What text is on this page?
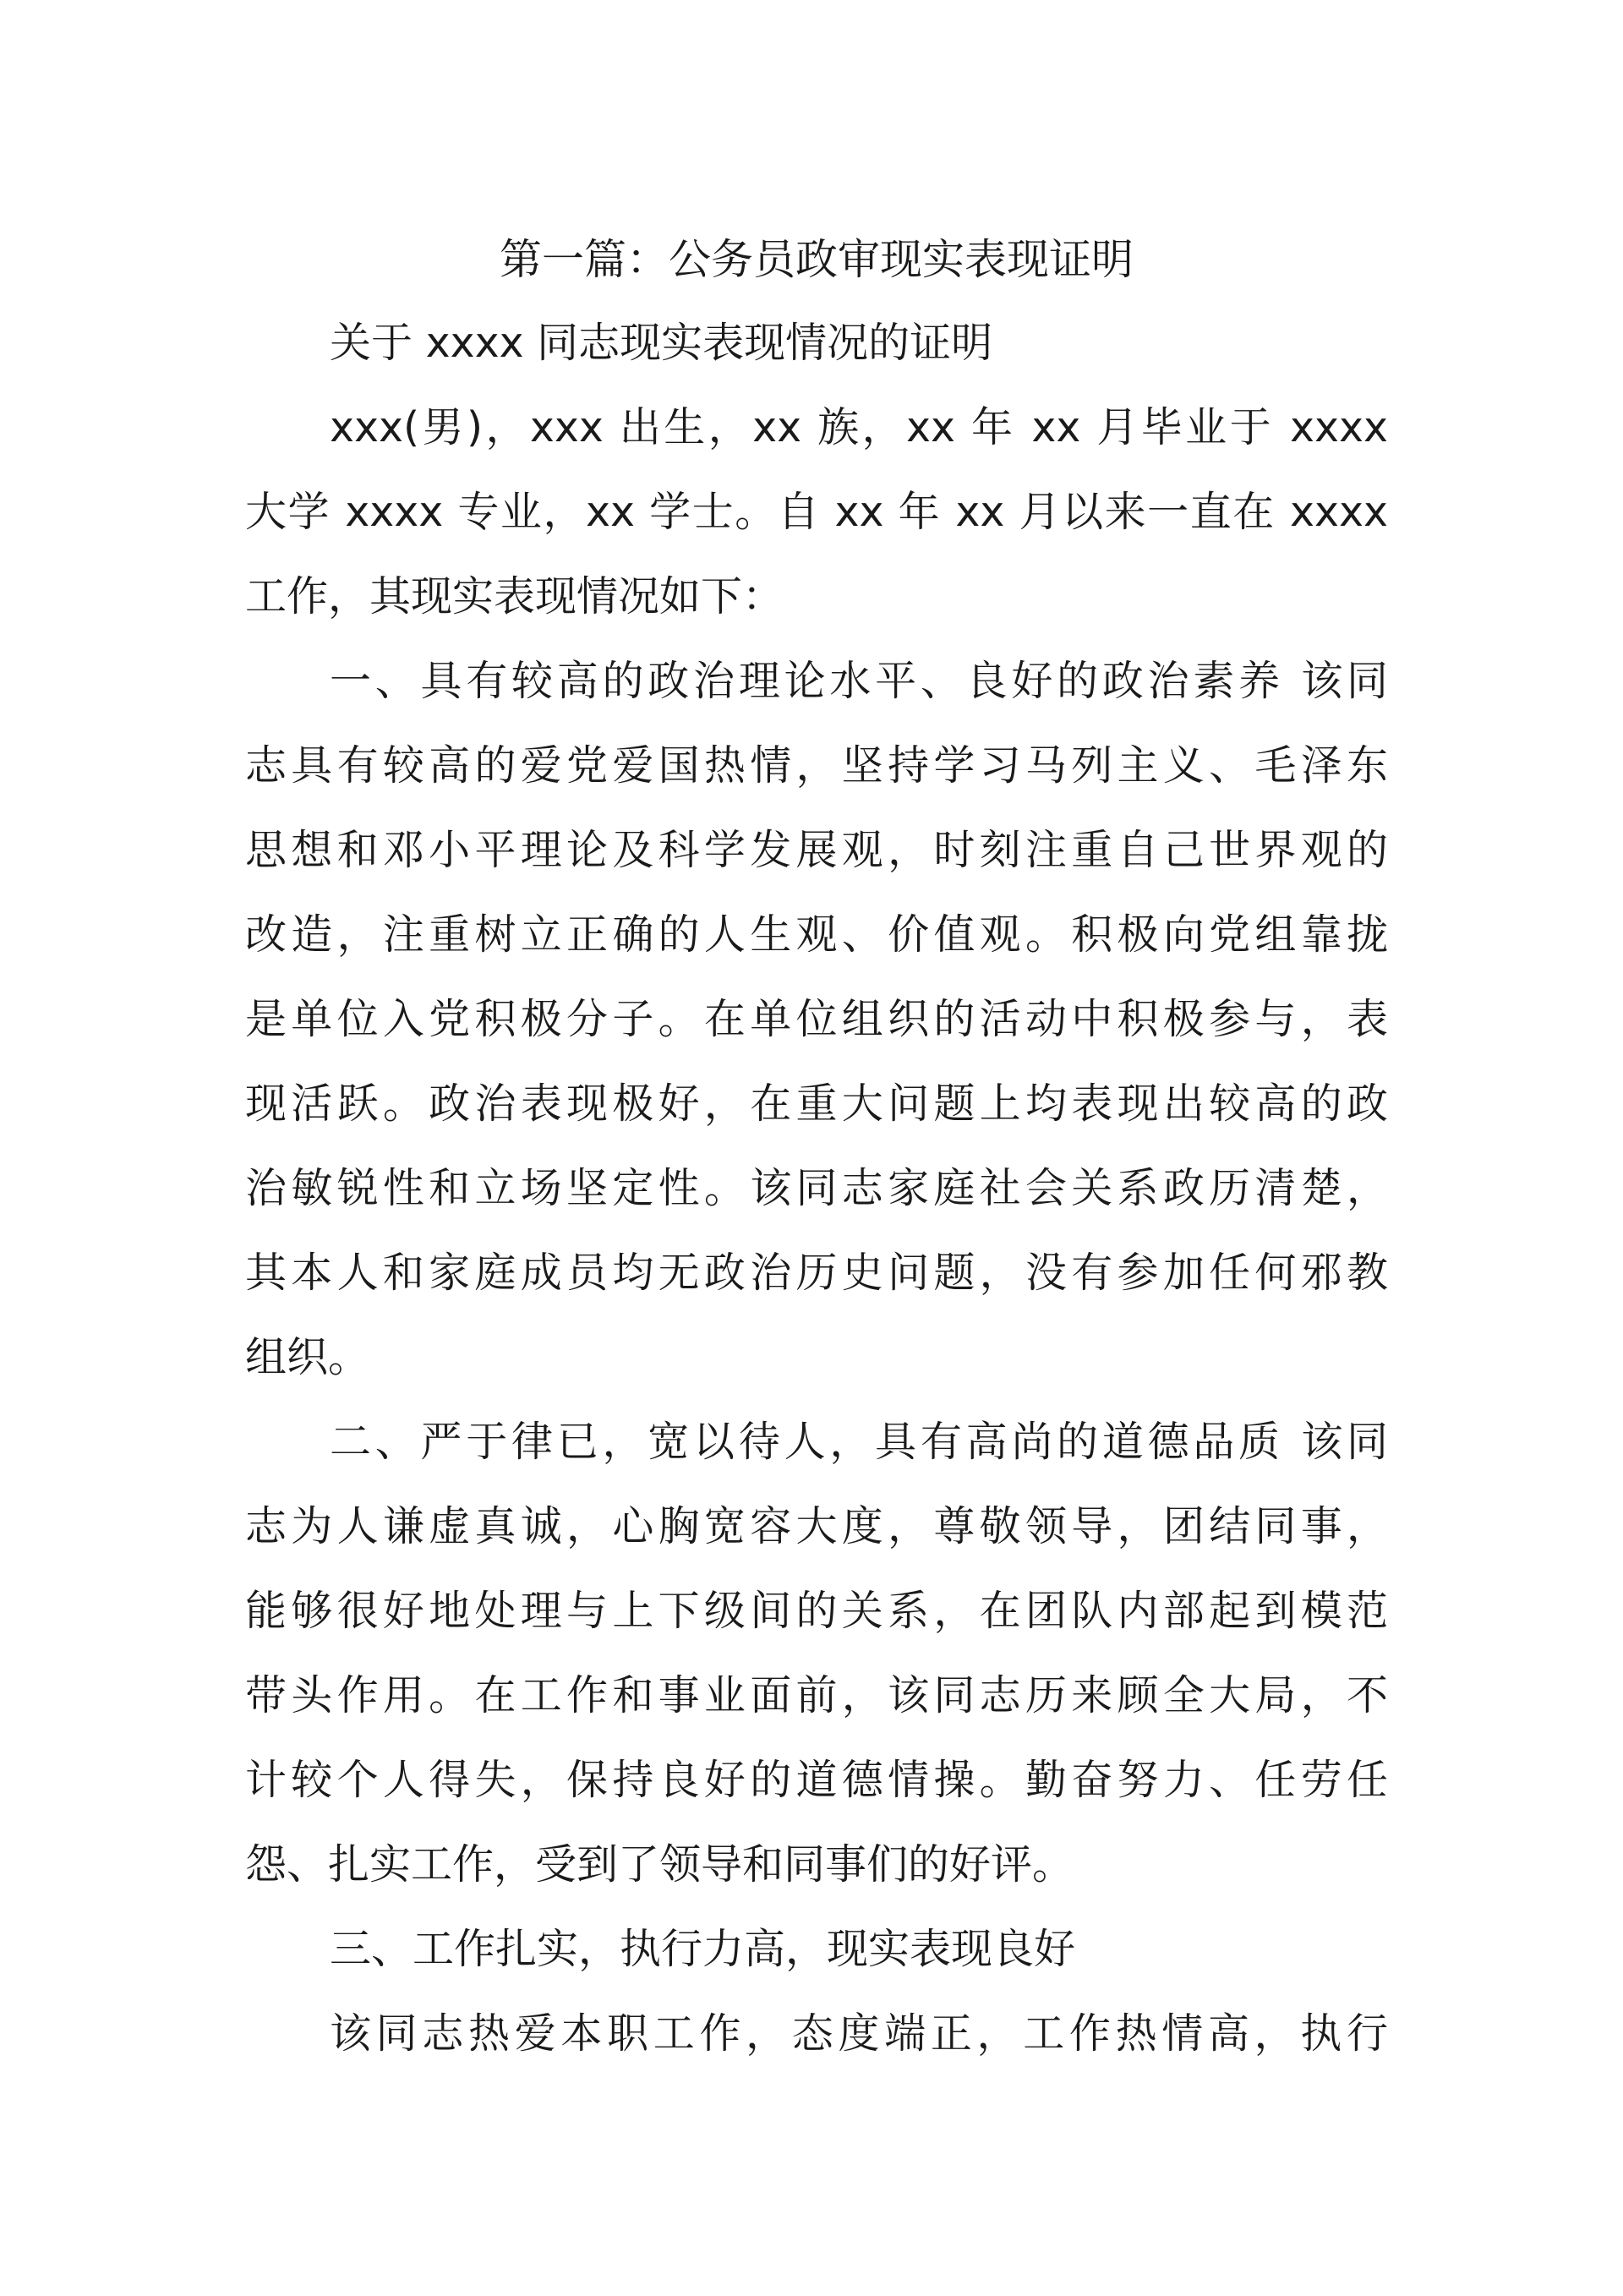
第一篇：公务员政审现实表现证明
关于 xxxx 同志现实表现情况的证明
xxx(男)，xxx 出生，xx 族，xx 年 xx 月毕业于 xxxx
大学 xxxx 专业，xx 学士。自 xx 年 xx 月以来一直在 xxxx
工作，其现实表现情况如下：
一、具有较高的政治理论水平、良好的政治素养 该同
志具有较高的爱党爱国热情，坚持学习马列主义、毛泽东
思想和邓小平理论及科学发展观，时刻注重自己世界观的
改造，注重树立正确的人生观、价值观。积极向党组靠拢
是单位入党积极分子。在单位组织的活动中积极参与，表
现活跃。政治表现极好，在重大问题上均表现出较高的政
治敏锐性和立场坚定性。该同志家庭社会关系政历清楚，
其本人和家庭成员均无政治历史问题，没有参加任何邪教
组织。
二、严于律已，宽以待人，具有高尚的道德品质 该同
志为人谦虚真诚，心胸宽容大度，尊敬领导，团结同事，
能够很好地处理与上下级间的关系，在团队内部起到模范
带头作用。在工作和事业面前，该同志历来顾全大局，不
计较个人得失，保持良好的道德情操。勤奋努力、任劳任
怨、扎实工作，受到了领导和同事们的好评。
三、工作扎实，执行力高，现实表现良好
该同志热爱本职工作，态度端正，工作热情高，执行
